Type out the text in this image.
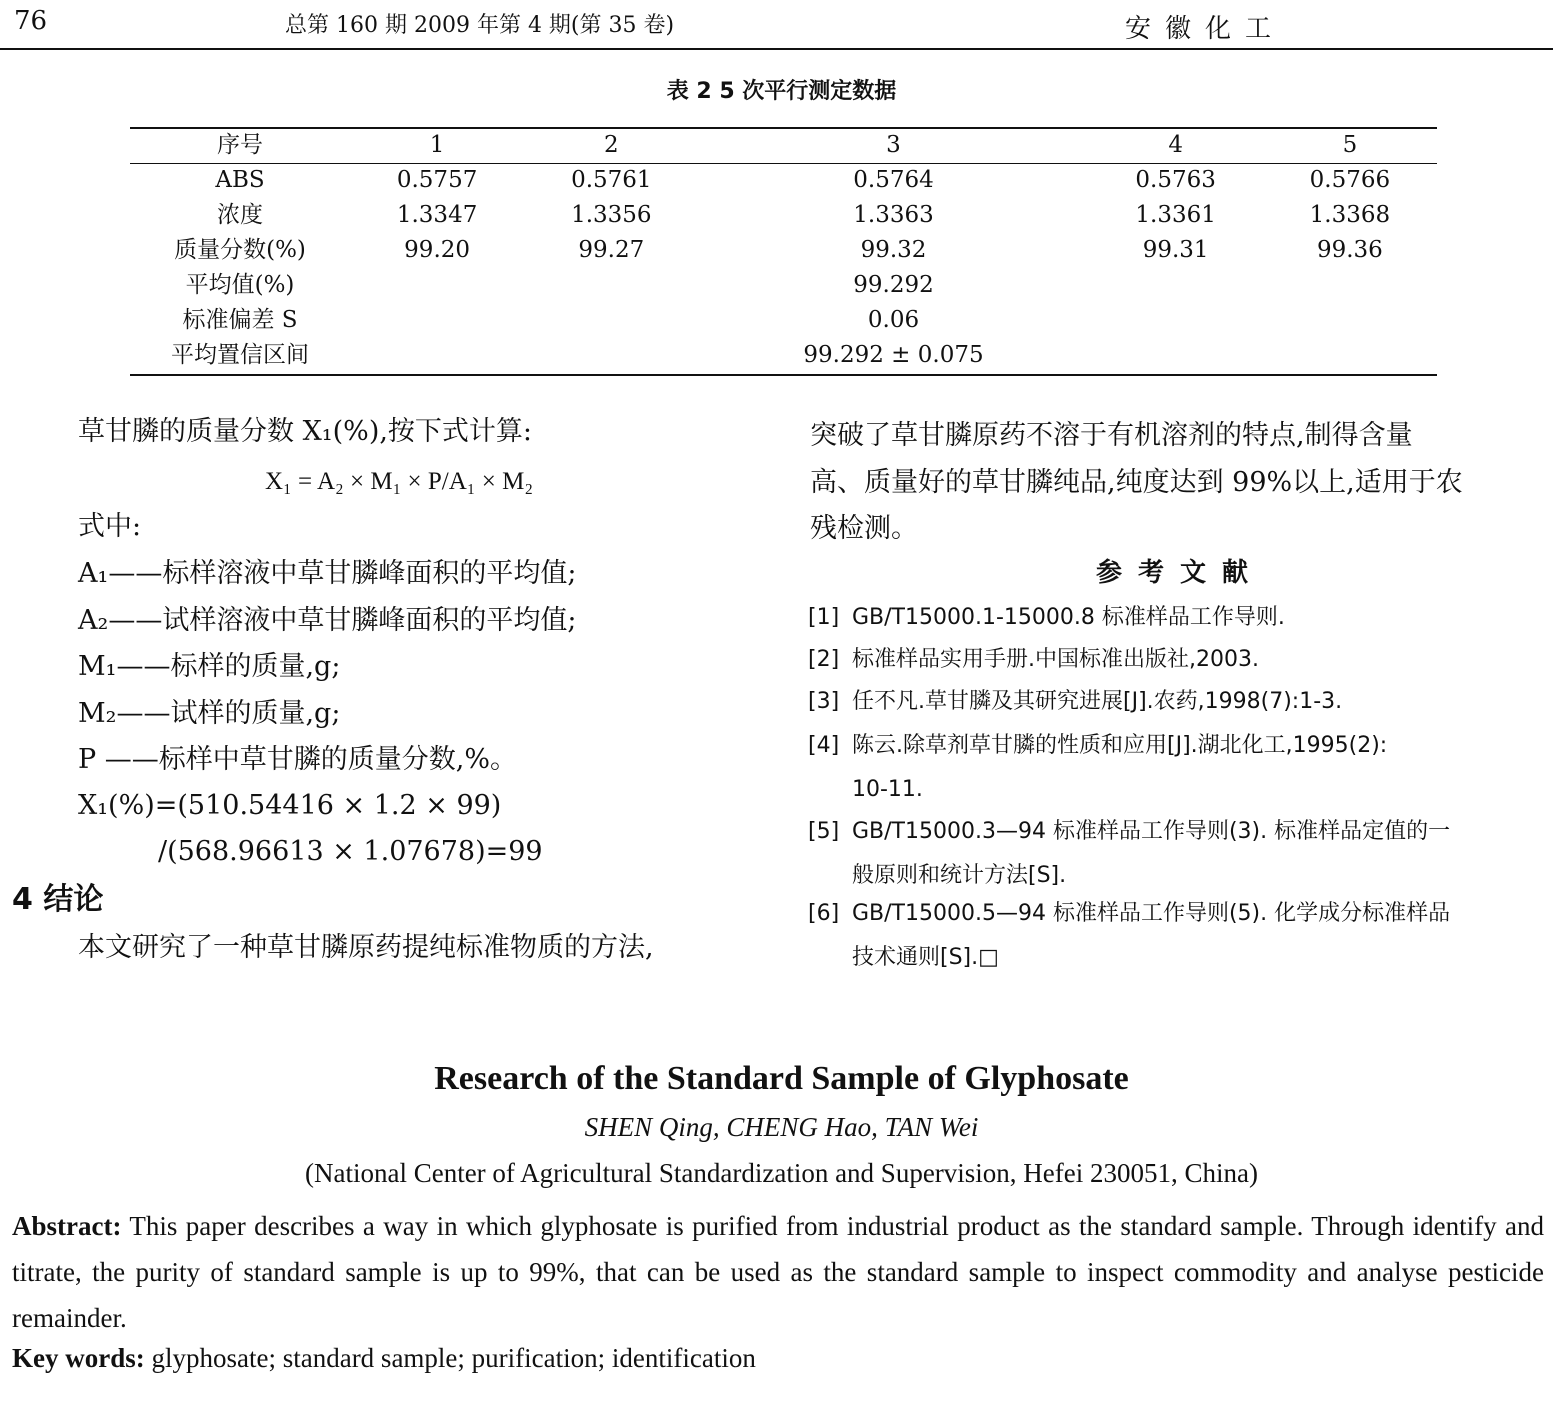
76	总第 160 期 2009 年第 4 期(第 35 卷)	安徽化工
表 2 5 次平行测定数据
序号	1	2	3	4	5
ABS	0.5757	0.5761	0.5764	0.5763	0.5766
浓度	1.3347	1.3356	1.3363	1.3361	1.3368
质量分数(%)	99.20	99.27	99.32	99.31	99.36
平均值(%)			99.292		
标准偏差 S			0.06		
平均置信区间			99.292 ± 0.075		
草甘膦的质量分数 X₁(%),按下式计算:
X₁ = A₂ × M₁ × P/A₁ × M₂
式中:
A₁——标样溶液中草甘膦峰面积的平均值;
A₂——试样溶液中草甘膦峰面积的平均值;
M₁——标样的质量,g;
M₂——试样的质量,g;
P ——标样中草甘膦的质量分数,%。
X₁(%)=(510.54416 × 1.2 × 99)
/(568.96613 × 1.07678)=99
4 结论
本文研究了一种草甘膦原药提纯标准物质的方法,
突破了草甘膦原药不溶于有机溶剂的特点,制得含量
高、质量好的草甘膦纯品,纯度达到 99%以上,适用于农
残检测。
参考文献
[1] GB/T15000.1-15000.8 标准样品工作导则.
[2] 标准样品实用手册.中国标准出版社,2003.
[3] 任不凡.草甘膦及其研究进展[J].农药,1998(7):1-3.
[4] 陈云.除草剂草甘膦的性质和应用[J].湖北化工,1995(2):
10-11.
[5] GB/T15000.3—94 标准样品工作导则(3). 标准样品定值的一
般原则和统计方法[S].
[6] GB/T15000.5—94 标准样品工作导则(5). 化学成分标准样品
技术通则[S].□
Research of the Standard Sample of Glyphosate
SHEN Qing, CHENG Hao, TAN Wei
(National Center of Agricultural Standardization and Supervision, Hefei 230051, China)
Abstract: This paper describes a way in which glyphosate is purified from industrial product as the standard sample. Through identify and titrate, the purity of standard sample is up to 99%, that can be used as the standard sample to inspect commodity and analyse pesticide remainder.
Key words: glyphosate; standard sample; purification; identification
